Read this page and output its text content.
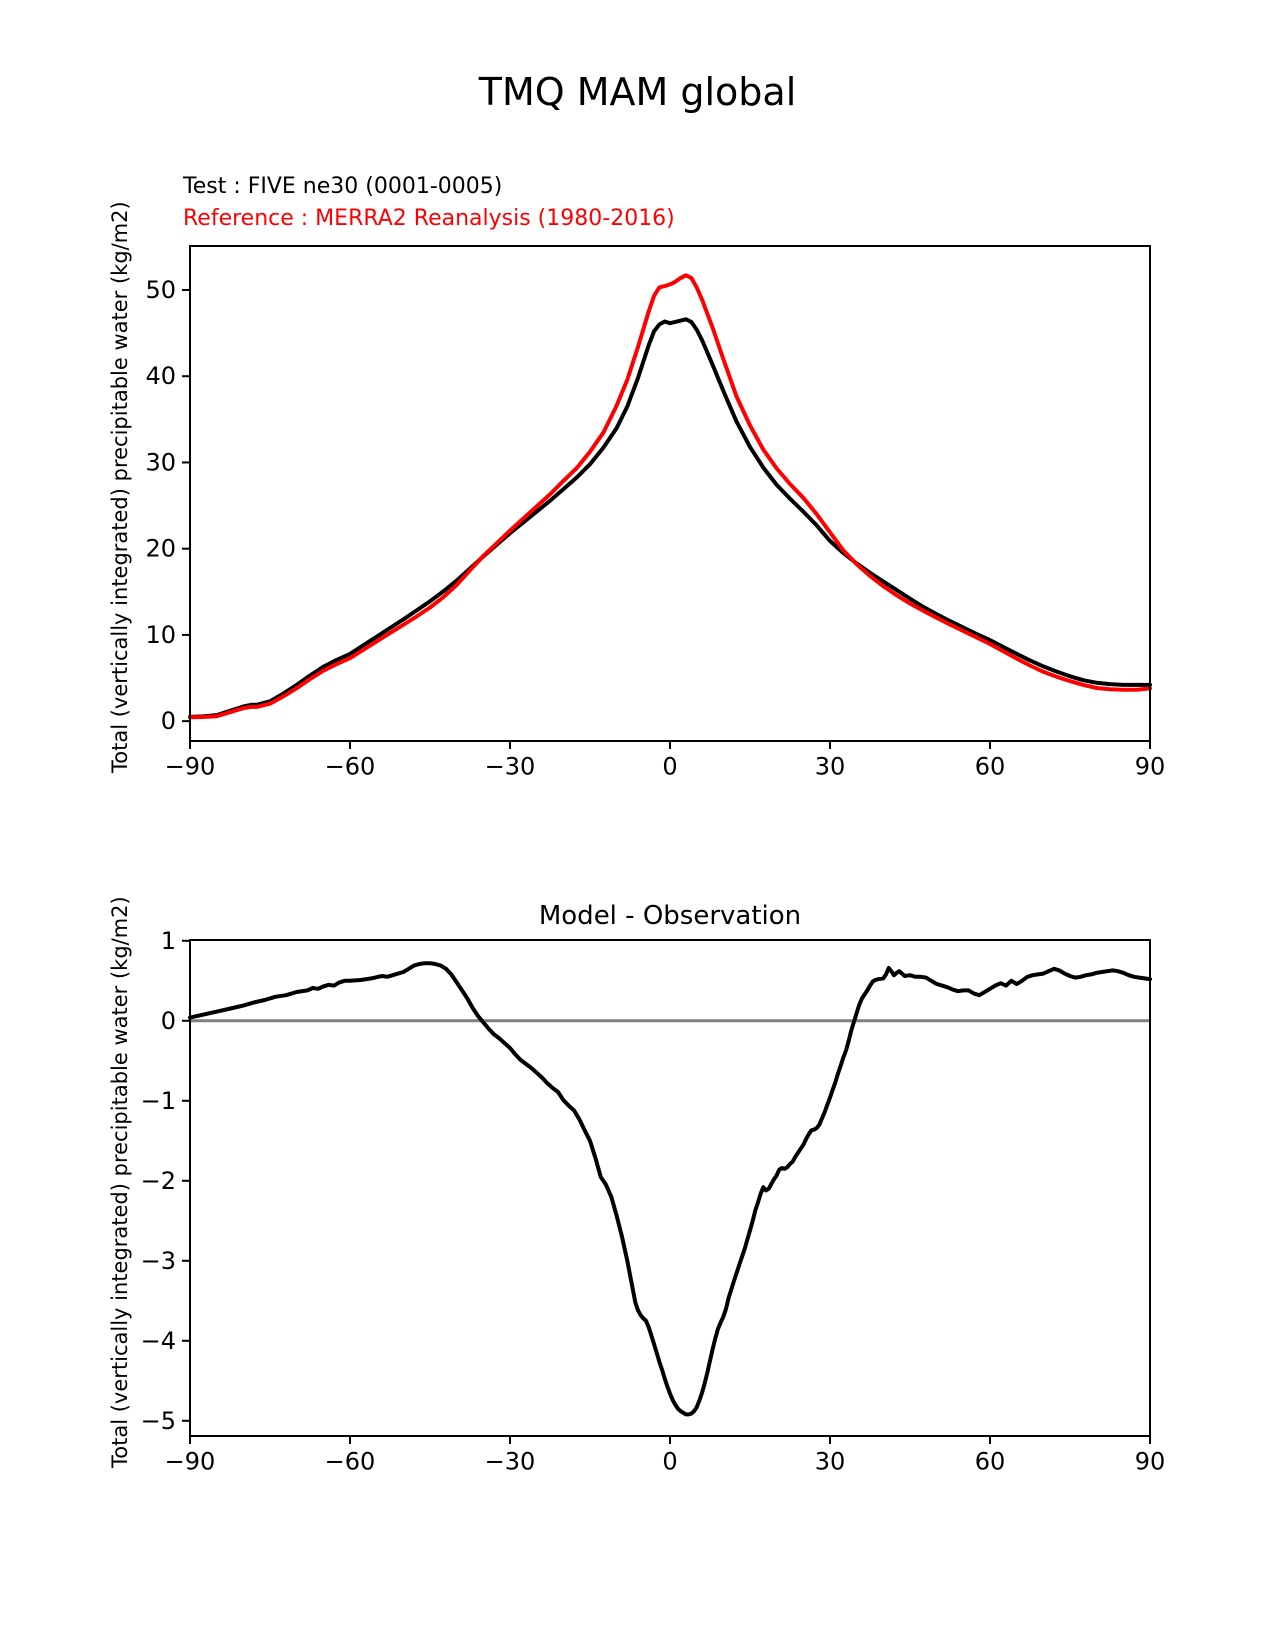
−90	−60	−30	0	30	60	90
0
10
20
30
40
50
−90	−60	−30	0	30	60	90
1
0
−1
−2
−3
−4
−5
TMQ MAM global
Test : FIVE ne30 (0001-0005)
Reference : MERRA2 Reanalysis (1980-2016)
Total (vertically integrated) precipitable water (kg/m2)
Model - Observation
Total (vertically integrated) precipitable water (kg/m2)
